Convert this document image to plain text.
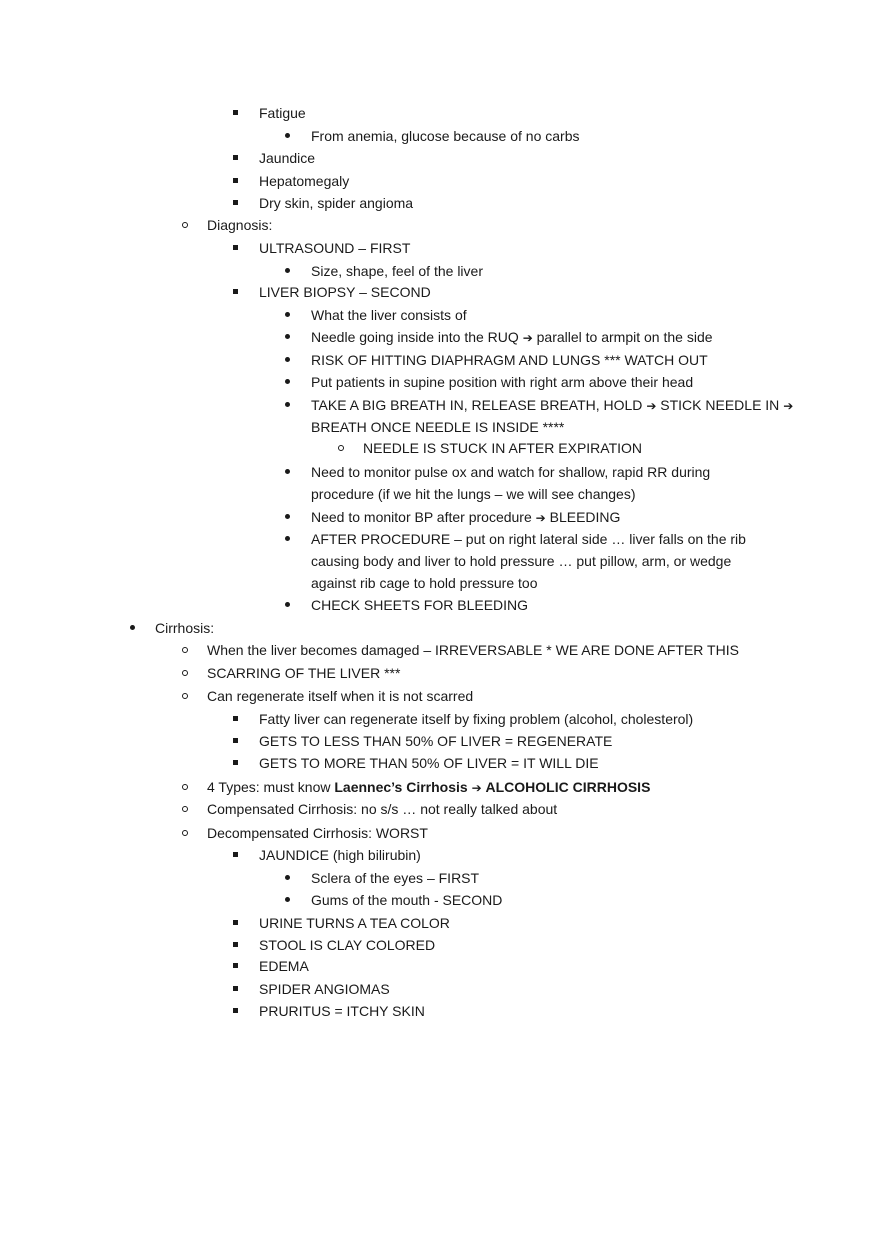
Fatigue
From anemia, glucose because of no carbs
Jaundice
Hepatomegaly
Dry skin, spider angioma
Diagnosis:
ULTRASOUND – FIRST
Size, shape, feel of the liver
LIVER BIOPSY – SECOND
What the liver consists of
Needle going inside into the RUQ ➔ parallel to armpit on the side
RISK OF HITTING DIAPHRAGM AND LUNGS *** WATCH OUT
Put patients in supine position with right arm above their head
TAKE A BIG BREATH IN, RELEASE BREATH, HOLD ➔ STICK NEEDLE IN ➔
BREATH ONCE NEEDLE IS INSIDE ****
NEEDLE IS STUCK IN AFTER EXPIRATION
Need to monitor pulse ox and watch for shallow, rapid RR during
procedure (if we hit the lungs – we will see changes)
Need to monitor BP after procedure ➔ BLEEDING
AFTER PROCEDURE – put on right lateral side … liver falls on the rib
causing body and liver to hold pressure … put pillow, arm, or wedge
against rib cage to hold pressure too
CHECK SHEETS FOR BLEEDING
Cirrhosis:
When the liver becomes damaged – IRREVERSABLE * WE ARE DONE AFTER THIS
SCARRING OF THE LIVER ***
Can regenerate itself when it is not scarred
Fatty liver can regenerate itself by fixing problem (alcohol, cholesterol)
GETS TO LESS THAN 50% OF LIVER = REGENERATE
GETS TO MORE THAN 50% OF LIVER = IT WILL DIE
4 Types: must know Laennec’s Cirrhosis ➔ ALCOHOLIC CIRRHOSIS
Compensated Cirrhosis: no s/s … not really talked about
Decompensated Cirrhosis: WORST
JAUNDICE (high bilirubin)
Sclera of the eyes – FIRST
Gums of the mouth - SECOND
URINE TURNS A TEA COLOR
STOOL IS CLAY COLORED
EDEMA
SPIDER ANGIOMAS
PRURITUS = ITCHY SKIN
